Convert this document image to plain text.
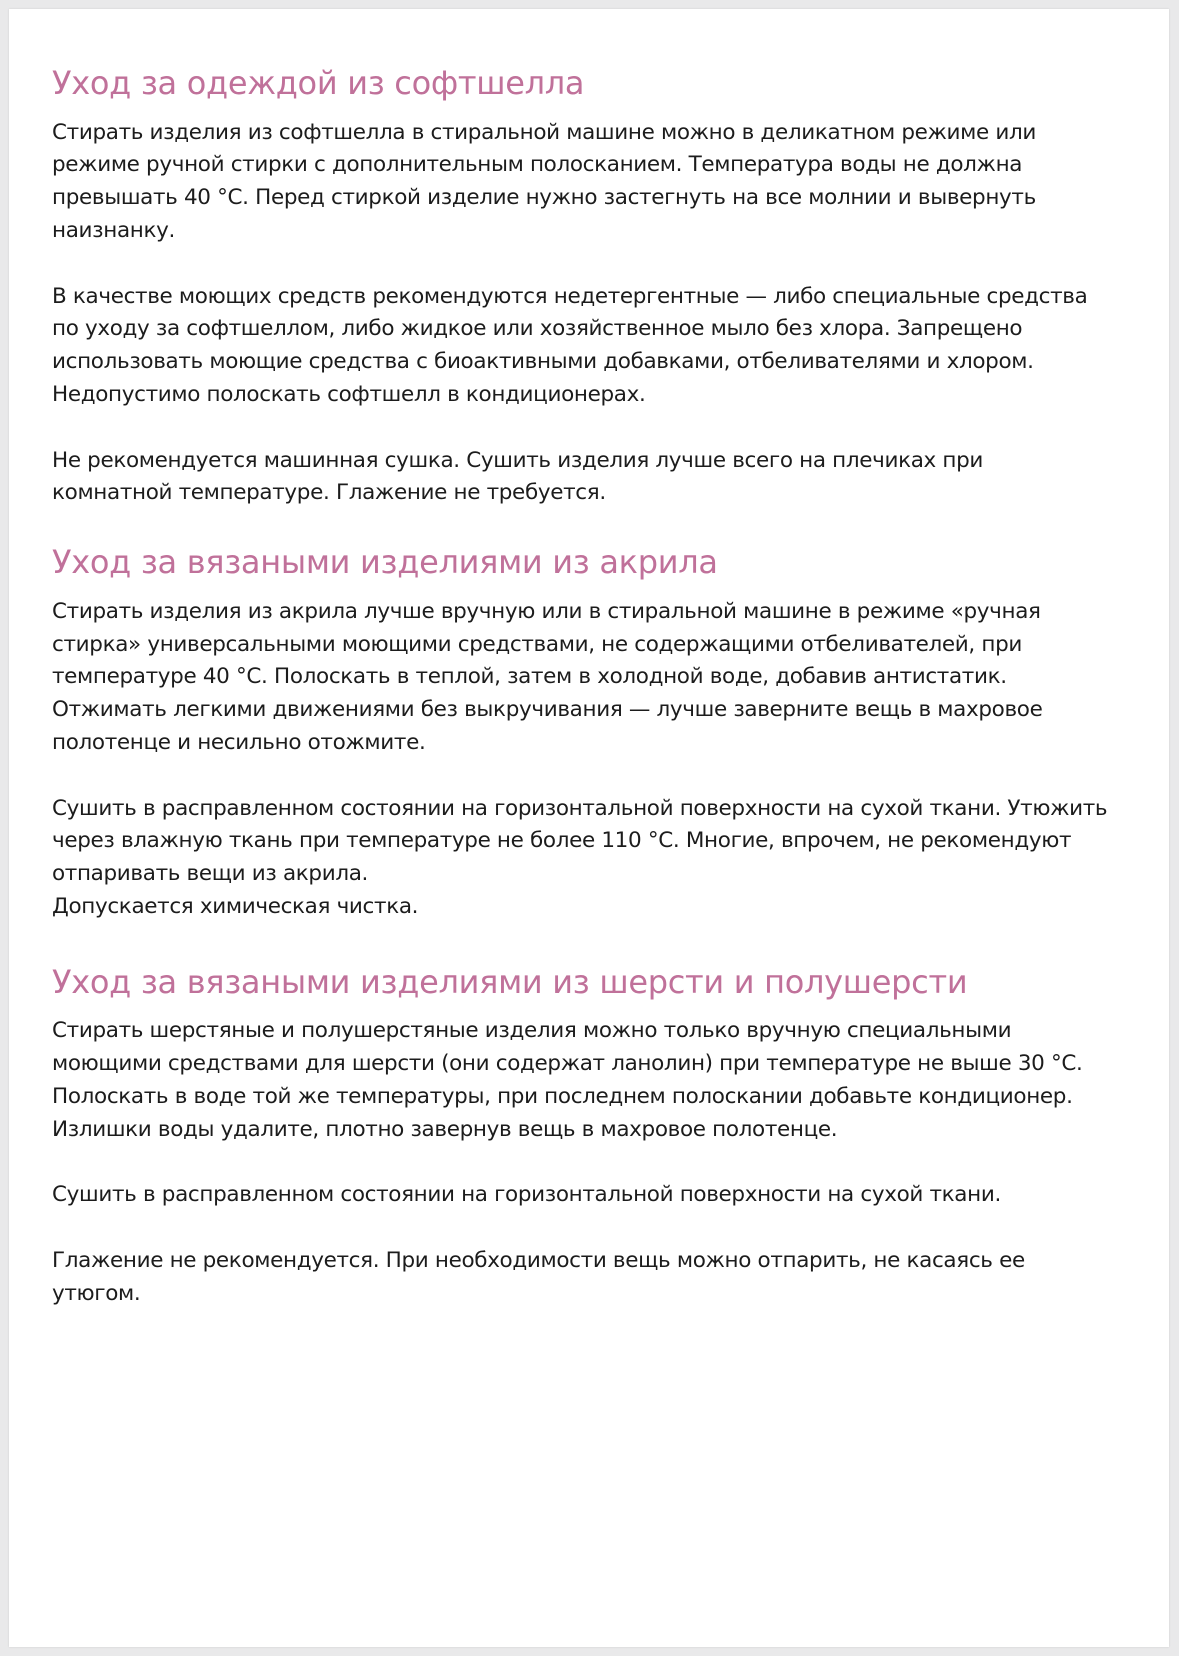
Уход за одеждой из софтшелла

Стирать изделия из софтшелла в стиральной машине можно в деликатном режиме или режиме ручной стирки с дополнительным полосканием. Температура воды не должна превышать 40 °C. Перед стиркой изделие нужно застегнуть на все молнии и вывернуть наизнанку.

В качестве моющих средств рекомендуются недетергентные — либо специальные средства по уходу за софтшеллом, либо жидкое или хозяйственное мыло без хлора. Запрещено использовать моющие средства с биоактивными добавками, отбеливателями и хлором. Недопустимо полоскать софтшелл в кондиционерах.

Не рекомендуется машинная сушка. Сушить изделия лучше всего на плечиках при комнатной температуре. Глажение не требуется.

Уход за вязаными изделиями из акрила

Стирать изделия из акрила лучше вручную или в стиральной машине в режиме «ручная стирка» универсальными моющими средствами, не содержащими отбеливателей, при температуре 40 °C. Полоскать в теплой, затем в холодной воде, добавив антистатик. Отжимать легкими движениями без выкручивания — лучше заверните вещь в махровое полотенце и несильно отожмите.

Сушить в расправленном состоянии на горизонтальной поверхности на сухой ткани. Утюжить через влажную ткань при температуре не более 110 °C. Многие, впрочем, не рекомендуют отпаривать вещи из акрила.
Допускается химическая чистка.

Уход за вязаными изделиями из шерсти и полушерсти

Стирать шерстяные и полушерстяные изделия можно только вручную специальными моющими средствами для шерсти (они содержат ланолин) при температуре не выше 30 °C. Полоскать в воде той же температуры, при последнем полоскании добавьте кондиционер. Излишки воды удалите, плотно завернув вещь в махровое полотенце.

Сушить в расправленном состоянии на горизонтальной поверхности на сухой ткани.

Глажение не рекомендуется. При необходимости вещь можно отпарить, не касаясь ее утюгом.
